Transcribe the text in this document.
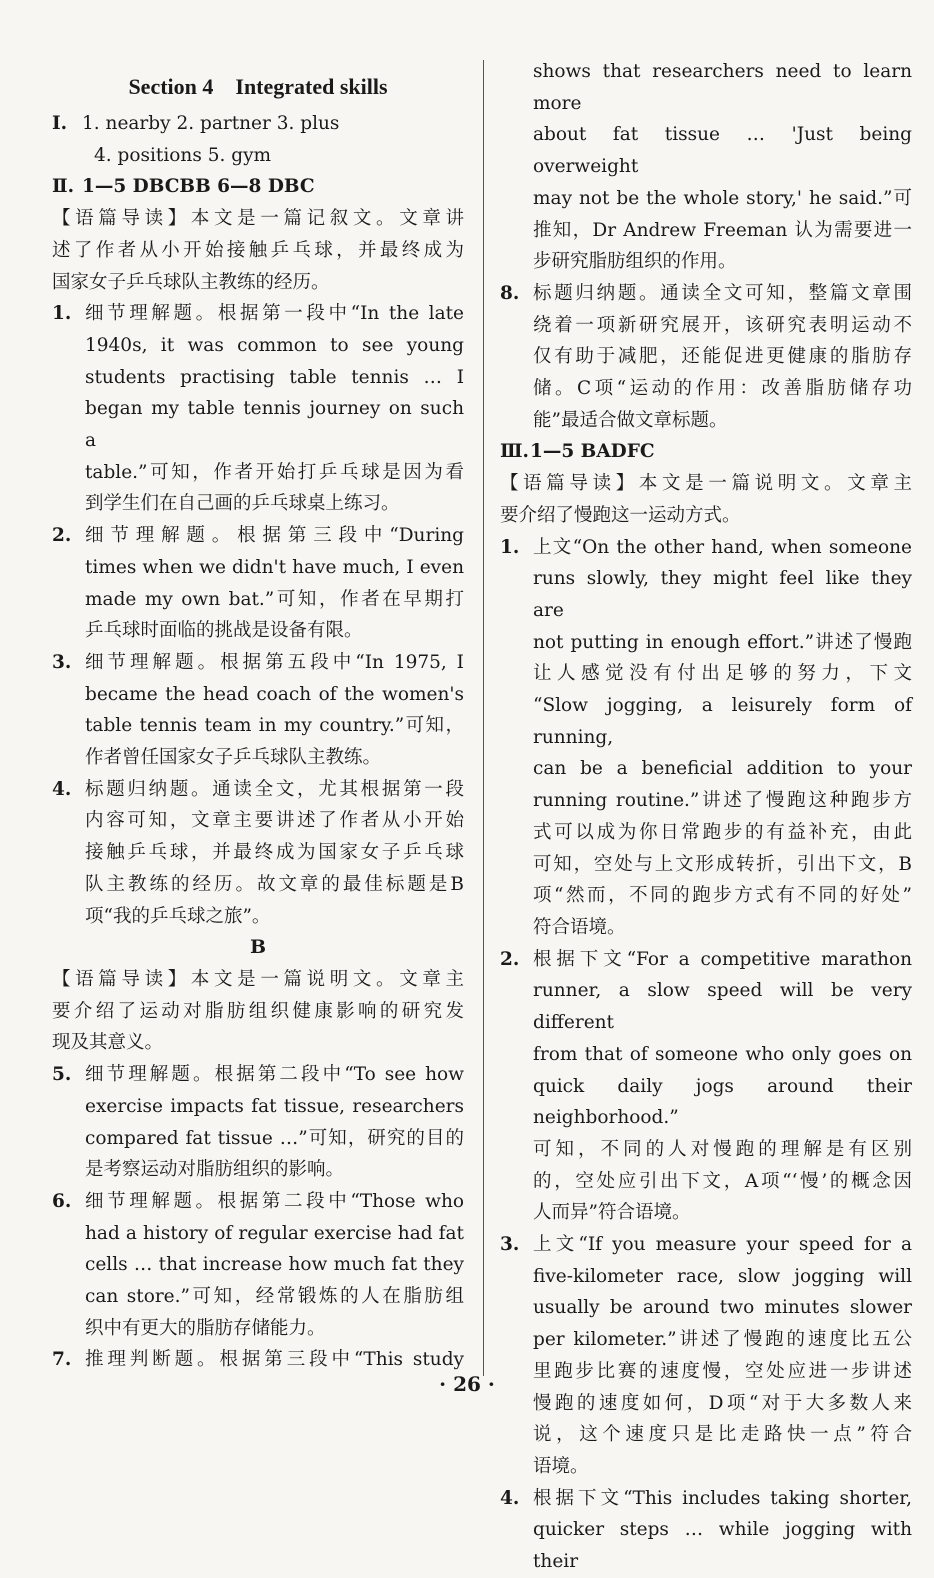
Section 4 Integrated skills
Ⅰ. 1. nearby 2. partner 3. plus

4. positions 5. gym

Ⅱ. 1—5 DBCBB 6—8 DBC

【语篇导读】本文是一篇记叙文。文章讲

述了作者从小开始接触乒乓球，并最终成为

国家女子乒乓球队主教练的经历。

1. 细节理解题。根据第一段中“In the late

1940s, it was common to see young

students practising table tennis … I

began my table tennis journey on such a

table.”可知，作者开始打乒乓球是因为看

到学生们在自己画的乒乓球桌上练习。

2. 细节理解题。根据第三段中“During

times when we didn't have much, I even

made my own bat.”可知，作者在早期打

乒乓球时面临的挑战是设备有限。

3. 细节理解题。根据第五段中“In 1975, I

became the head coach of the women's

table tennis team in my country.”可知，

作者曾任国家女子乒乓球队主教练。

4. 标题归纳题。通读全文，尤其根据第一段

内容可知，文章主要讲述了作者从小开始

接触乒乓球，并最终成为国家女子乒乓球

队主教练的经历。故文章的最佳标题是B

项“我的乒乓球之旅”。

B

【语篇导读】本文是一篇说明文。文章主

要介绍了运动对脂肪组织健康影响的研究发

现及其意义。

5. 细节理解题。根据第二段中“To see how

exercise impacts fat tissue, researchers

compared fat tissue …”可知，研究的目的

是考察运动对脂肪组织的影响。

6. 细节理解题。根据第二段中“Those who

had a history of regular exercise had fat

cells … that increase how much fat they

can store.”可知，经常锻炼的人在脂肪组

织中有更大的脂肪存储能力。

7. 推理判断题。根据第三段中“This study

shows that researchers need to learn more

about fat tissue … 'Just being overweight

may not be the whole story,' he said.”可

推知，Dr Andrew Freeman 认为需要进一

步研究脂肪组织的作用。

8. 标题归纳题。通读全文可知，整篇文章围

绕着一项新研究展开，该研究表明运动不

仅有助于减肥，还能促进更健康的脂肪存

储。C项“运动的作用：改善脂肪储存功

能”最适合做文章标题。

Ⅲ. 1—5 BADFC

【语篇导读】本文是一篇说明文。文章主

要介绍了慢跑这一运动方式。

1. 上文“On the other hand, when someone

runs slowly, they might feel like they are

not putting in enough effort.”讲述了慢跑

让人感觉没有付出足够的努力，下文

“Slow jogging, a leisurely form of running,

can be a beneficial addition to your

running routine.”讲述了慢跑这种跑步方

式可以成为你日常跑步的有益补充，由此

可知，空处与上文形成转折，引出下文，B

项“然而，不同的跑步方式有不同的好处”

符合语境。

2. 根据下文“For a competitive marathon

runner, a slow speed will be very different

from that of someone who only goes on

quick daily jogs around their neighborhood.”

可知，不同的人对慢跑的理解是有区别

的，空处应引出下文，A项“‘慢’的概念因

人而异”符合语境。

3. 上文“If you measure your speed for a

five-kilometer race, slow jogging will

usually be around two minutes slower

per kilometer.”讲述了慢跑的速度比五公

里跑步比赛的速度慢，空处应进一步讲述

慢跑的速度如何，D项“对于大多数人来

说，这个速度只是比走路快一点”符合

语境。

4. 根据下文“This includes taking shorter,

quicker steps … while jogging with their

· 26 ·
